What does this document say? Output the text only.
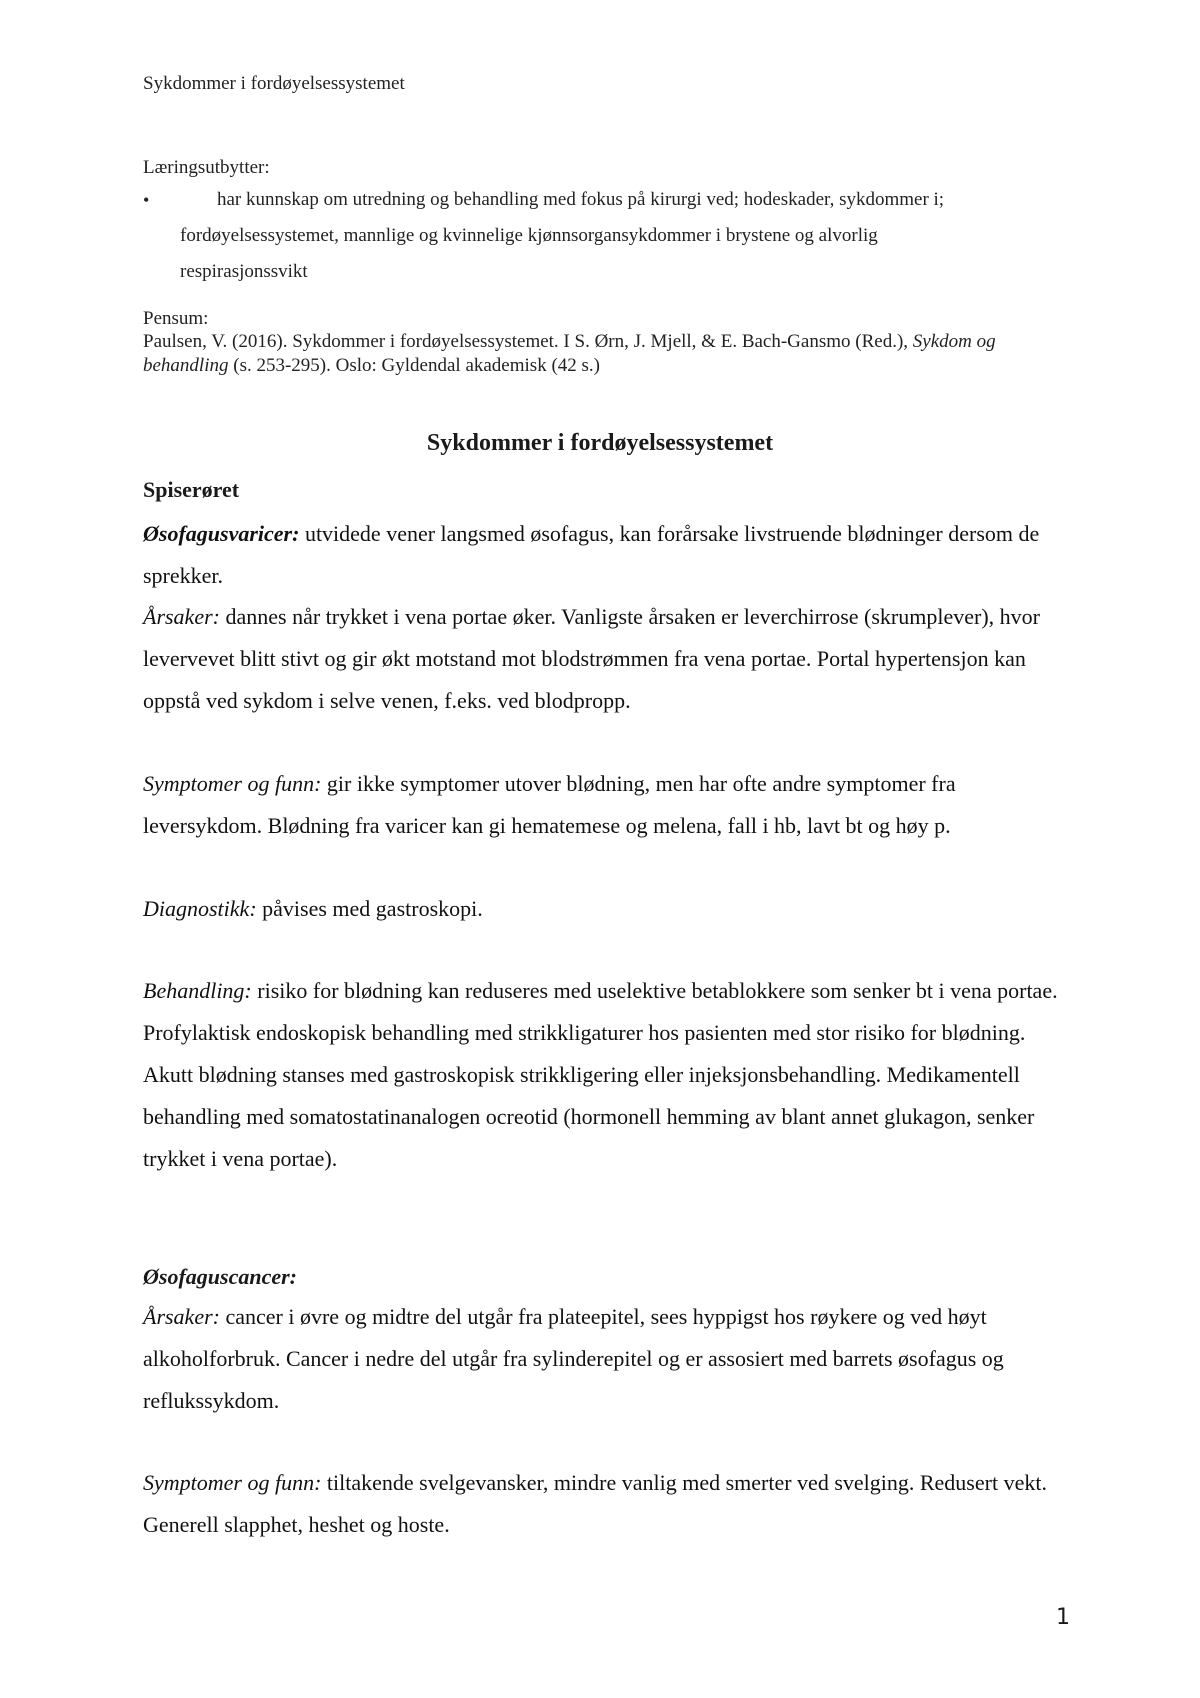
Sykdommer i fordøyelsessystemet

Læringsutbytter:

•	har kunnskap om utredning og behandling med fokus på kirurgi ved; hodeskader, sykdommer i;

fordøyelsessystemet, mannlige og kvinnelige kjønnsorgansykdommer i brystene og alvorlig

respirasjonssvikt

Pensum:

Paulsen, V. (2016). Sykdommer i fordøyelsessystemet. I S. Ørn, J. Mjell, & E. Bach-Gansmo (Red.), Sykdom og behandling (s. 253-295). Oslo: Gyldendal akademisk (42 s.)

Sykdommer i fordøyelsessystemet
Spiserøret

Øsofagusvaricer: utvidede vener langsmed øsofagus, kan forårsake livstruende blødninger dersom de sprekker.

Årsaker: dannes når trykket i vena portae øker. Vanligste årsaken er leverchirrose (skrumplever), hvor levervevet blitt stivt og gir økt motstand mot blodstrømmen fra vena portae. Portal hypertensjon kan oppstå ved sykdom i selve venen, f.eks. ved blodpropp.

Symptomer og funn: gir ikke symptomer utover blødning, men har ofte andre symptomer fra leversykdom. Blødning fra varicer kan gi hematemese og melena, fall i hb, lavt bt og høy p.

Diagnostikk: påvises med gastroskopi.

Behandling: risiko for blødning kan reduseres med uselektive betablokkere som senker bt i vena portae. Profylaktisk endoskopisk behandling med strikkligaturer hos pasienten med stor risiko for blødning. Akutt blødning stanses med gastroskopisk strikkligering eller injeksjonsbehandling. Medikamentell behandling med somatostatinanalogen ocreotid (hormonell hemming av blant annet glukagon, senker trykket i vena portae).

Øsofaguscancer:

Årsaker: cancer i øvre og midtre del utgår fra plateepitel, sees hyppigst hos røykere og ved høyt alkoholforbruk. Cancer i nedre del utgår fra sylinderepitel og er assosiert med barrets øsofagus og reflukssykdom.

Symptomer og funn: tiltakende svelgevansker, mindre vanlig med smerter ved svelging. Redusert vekt. Generell slapphet, heshet og hoste.

1
